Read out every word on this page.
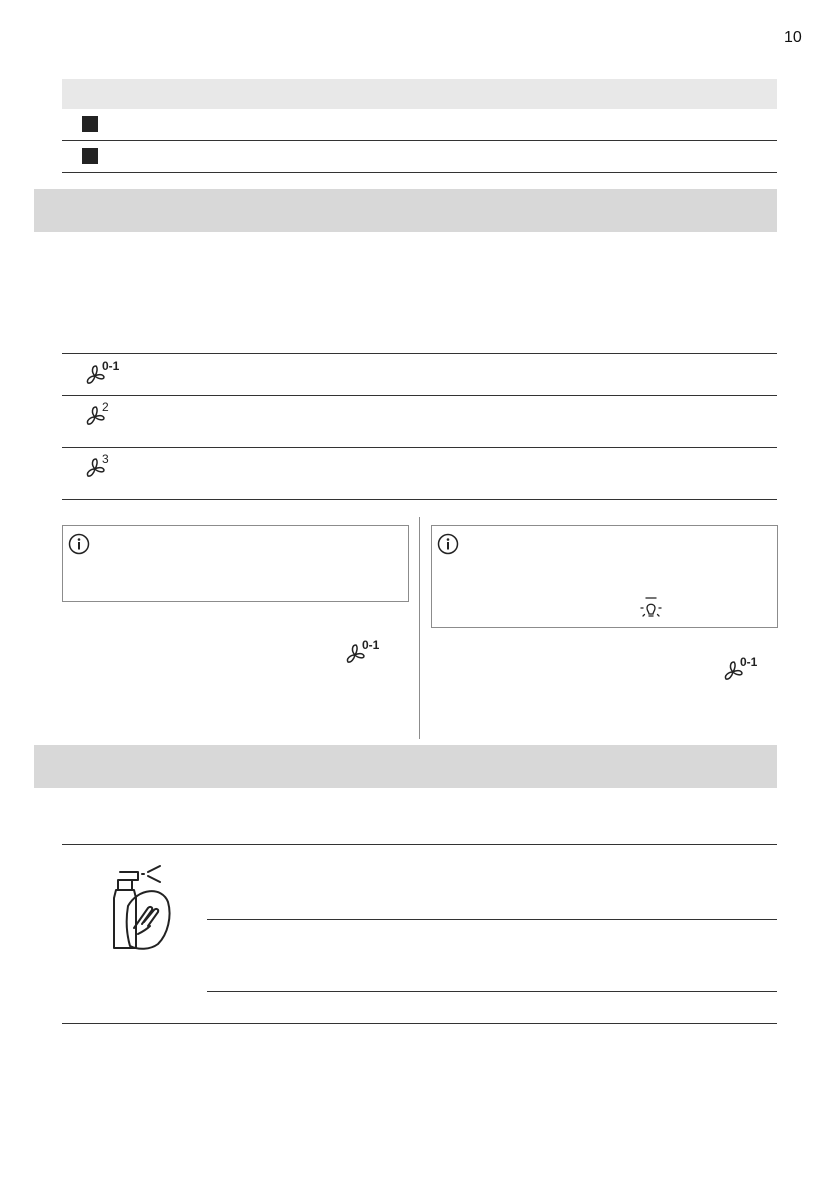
10
0-1
2
3
0-1
0-1
